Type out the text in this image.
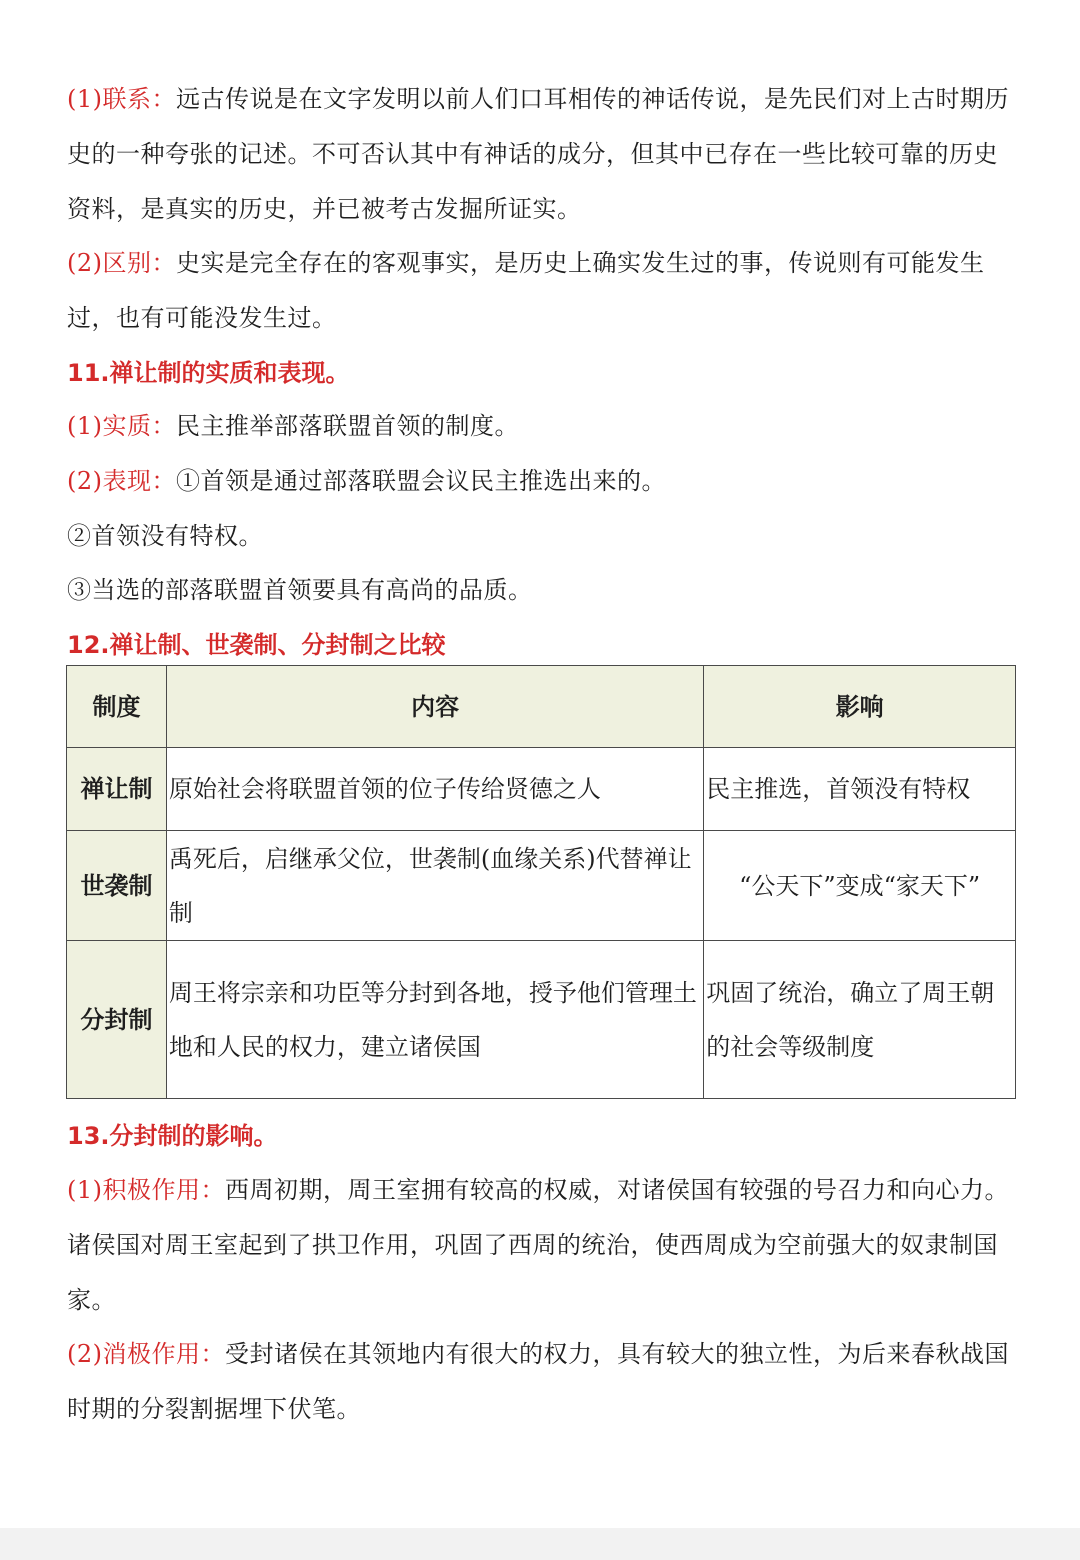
(1)联系：远古传说是在文字发明以前人们口耳相传的神话传说，是先民们对上古时期历史的一种夸张的记述。不可否认其中有神话的成分，但其中已存在一些比较可靠的历史资料，是真实的历史，并已被考古发掘所证实。

(2)区别：史实是完全存在的客观事实，是历史上确实发生过的事，传说则有可能发生过，也有可能没发生过。

11.禅让制的实质和表现。

(1)实质：民主推举部落联盟首领的制度。

(2)表现：①首领是通过部落联盟会议民主推选出来的。

②首领没有特权。

③当选的部落联盟首领要具有高尚的品质。

12.禅让制、世袭制、分封制之比较
制度	内容	影响
禅让制	原始社会将联盟首领的位子传给贤德之人	民主推选，首领没有特权
世袭制	禹死后，启继承父位，世袭制(血缘关系)代替禅让制	“公天下”变成“家天下”
分封制	周王将宗亲和功臣等分封到各地，授予他们管理土地和人民的权力，建立诸侯国	巩固了统治，确立了周王朝的社会等级制度
13.分封制的影响。

(1)积极作用：西周初期，周王室拥有较高的权威，对诸侯国有较强的号召力和向心力。诸侯国对周王室起到了拱卫作用，巩固了西周的统治，使西周成为空前强大的奴隶制国家。

(2)消极作用：受封诸侯在其领地内有很大的权力，具有较大的独立性，为后来春秋战国时期的分裂割据埋下伏笔。
